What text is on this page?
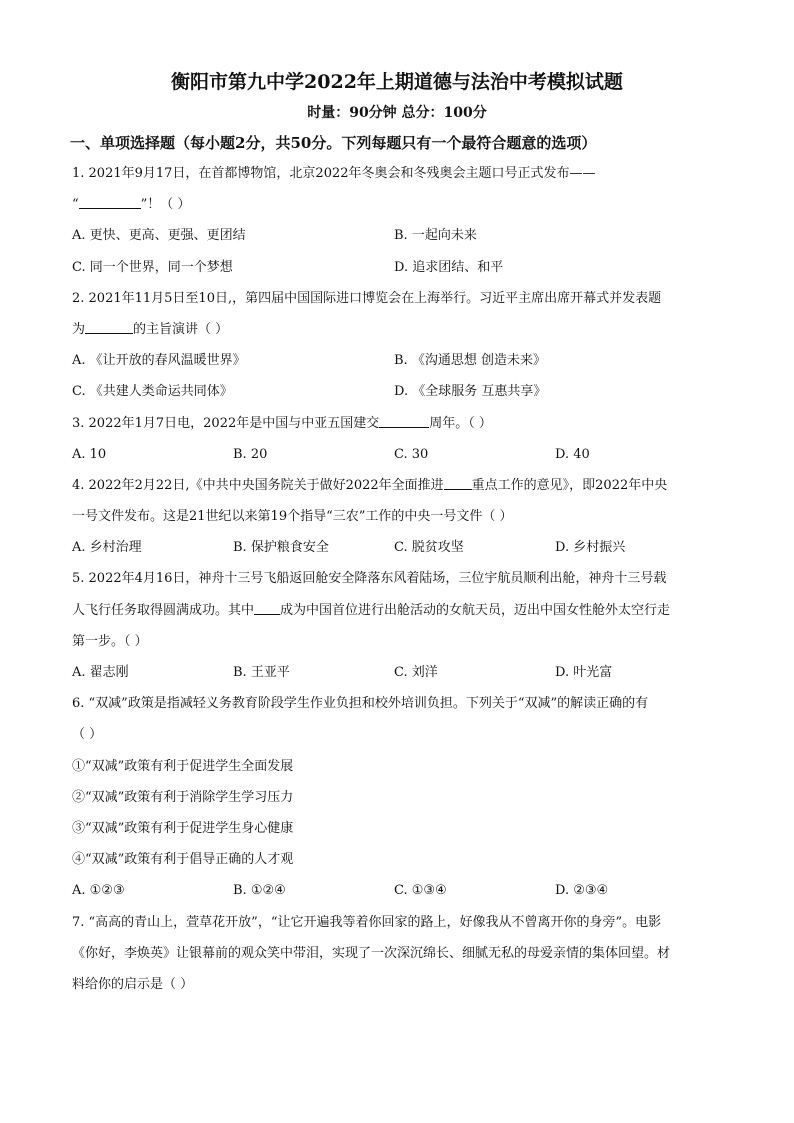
衡阳市第九中学2022年上期道德与法治中考模拟试题
时量：90分钟 总分：100分
一、单项选择题（每小题2分，共50分。下列每题只有一个最符合题意的选项）
1. 2021年9月17日，在首都博物馆，北京2022年冬奥会和冬残奥会主题口号正式发布——
“	”！（ ）
A. 更快、更高、更强、更团结	B. 一起向未来
C. 同一个世界，同一个梦想	D. 追求团结、和平
2. 2021年11月5日至10日,，第四届中国国际进口博览会在上海举行。习近平主席出席开幕式并发表题
为	的主旨演讲（ ）
A. 《让开放的春风温暖世界》	B. 《沟通思想 创造未来》
C. 《共建人类命运共同体》	D. 《全球服务 互惠共享》
3. 2022年1月7日电，2022年是中国与中亚五国建交	周年。（ ）
A. 10	B. 20	C. 30	D. 40
4. 2022年2月22日,《中共中央国务院关于做好2022年全面推进 重点工作的意见》，即2022年中央
一号文件发布。这是21世纪以来第19个指导“三农”工作的中央一号文件（ ）
A. 乡村治理	B. 保护粮食安全	C. 脱贫攻坚	D. 乡村振兴
5. 2022年4月16日，神舟十三号飞船返回舱安全降落东风着陆场，三位宇航员顺利出舱，神舟十三号载
人飞行任务取得圆满成功。其中 成为中国首位进行出舱活动的女航天员，迈出中国女性舱外太空行走
第一步。（ ）
A. 翟志刚	B. 王亚平	C. 刘洋	D. 叶光富
6. “双减”政策是指减轻义务教育阶段学生作业负担和校外培训负担。下列关于“双减”的解读正确的有
（ ）
①“双减”政策有利于促进学生全面发展
②“双减”政策有利于消除学生学习压力
③“双减”政策有利于促进学生身心健康
④“双减”政策有利于倡导正确的人才观
A. ①②③	B. ①②④	C. ①③④	D. ②③④
7. “高高的青山上，萱草花开放”，“让它开遍我等着你回家的路上，好像我从不曾离开你的身旁”。电影
《你好，李焕英》让银幕前的观众笑中带泪，实现了一次深沉绵长、细腻无私的母爱亲情的集体回望。材
料给你的启示是（ ）
